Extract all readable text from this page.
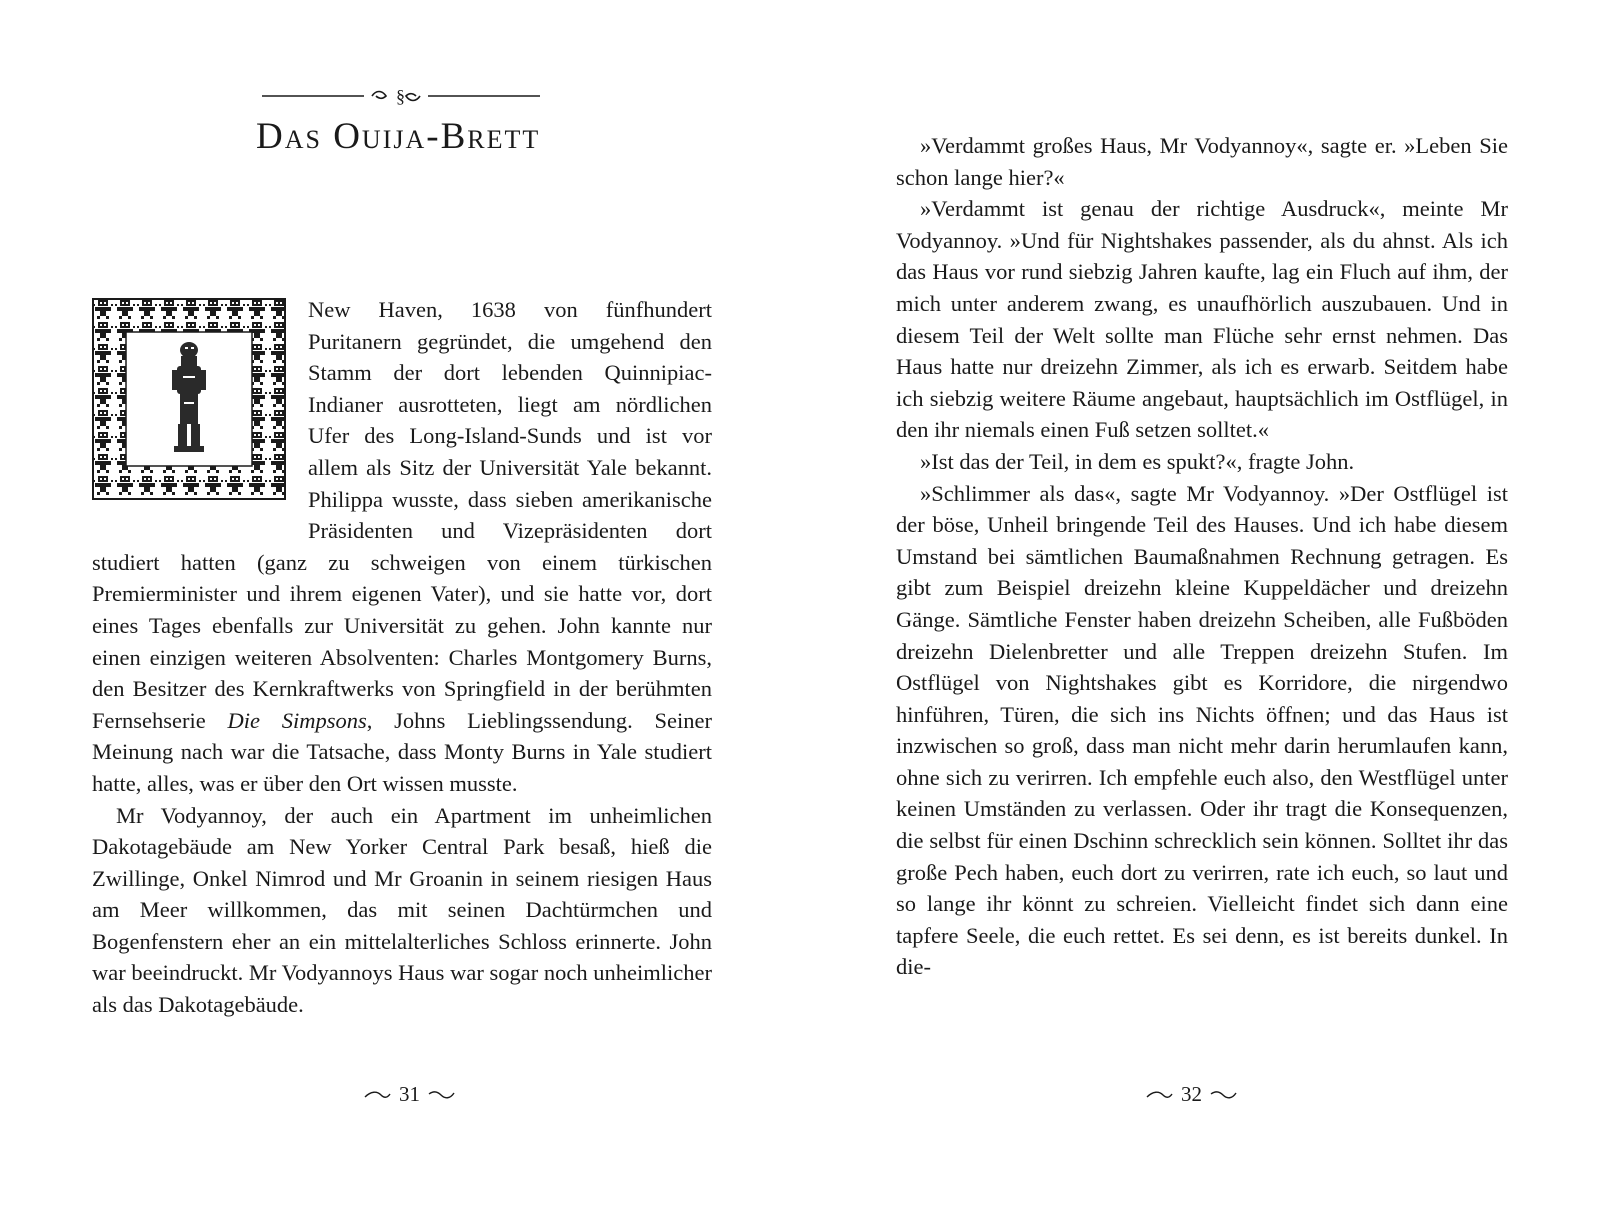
§
Das Ouija-Brett

New Haven, 1638 von fünfhundert Puritanern gegründet, die umgehend den Stamm der dort lebenden Quinnipiac-Indianer ausrotteten, liegt am nördlichen Ufer des Long-Island-Sunds und ist vor allem als Sitz der Universität Yale bekannt. Philippa wusste, dass sieben amerikanische Präsidenten und Vizepräsidenten dort studiert hatten (ganz zu schweigen von einem türkischen Premierminister und ihrem eigenen Vater), und sie hatte vor, dort eines Tages ebenfalls zur Universität zu gehen. John kannte nur einen einzigen weiteren Absolventen: Charles Montgomery Burns, den Besitzer des Kernkraftwerks von Springfield in der berühmten Fernsehserie Die Simpsons, Johns Lieblingssendung. Seiner Meinung nach war die Tatsache, dass Monty Burns in Yale studiert hatte, alles, was er über den Ort wissen musste.

Mr Vodyannoy, der auch ein Apartment im unheimlichen Dakotagebäude am New Yorker Central Park besaß, hieß die Zwillinge, Onkel Nimrod und Mr Groanin in seinem riesigen Haus am Meer willkommen, das mit seinen Dachtürmchen und Bogenfenstern eher an ein mittelalterliches Schloss erinnerte. John war beeindruckt. Mr Vodyannoys Haus war sogar noch unheimlicher als das Dakotagebäude.

31

»Verdammt großes Haus, Mr Vodyannoy«, sagte er. »Leben Sie schon lange hier?«

»Verdammt ist genau der richtige Ausdruck«, meinte Mr Vodyannoy. »Und für Nightshakes passender, als du ahnst. Als ich das Haus vor rund siebzig Jahren kaufte, lag ein Fluch auf ihm, der mich unter anderem zwang, es unaufhörlich auszubauen. Und in diesem Teil der Welt sollte man Flüche sehr ernst nehmen. Das Haus hatte nur dreizehn Zimmer, als ich es erwarb. Seitdem habe ich siebzig weitere Räume angebaut, hauptsächlich im Ostflügel, in den ihr niemals einen Fuß setzen solltet.«

»Ist das der Teil, in dem es spukt?«, fragte John.

»Schlimmer als das«, sagte Mr Vodyannoy. »Der Ostflügel ist der böse, Unheil bringende Teil des Hauses. Und ich habe diesem Umstand bei sämtlichen Baumaßnahmen Rechnung getragen. Es gibt zum Beispiel dreizehn kleine Kuppeldächer und dreizehn Gänge. Sämtliche Fenster haben dreizehn Scheiben, alle Fußböden dreizehn Dielenbretter und alle Treppen dreizehn Stufen. Im Ostflügel von Nightshakes gibt es Korridore, die nirgendwo hinführen, Türen, die sich ins Nichts öffnen; und das Haus ist inzwischen so groß, dass man nicht mehr darin herumlaufen kann, ohne sich zu verirren. Ich empfehle euch also, den Westflügel unter keinen Umständen zu verlassen. Oder ihr tragt die Konsequenzen, die selbst für einen Dschinn schrecklich sein können. Solltet ihr das große Pech haben, euch dort zu verirren, rate ich euch, so laut und so lange ihr könnt zu schreien. Vielleicht findet sich dann eine tapfere Seele, die euch rettet. Es sei denn, es ist bereits dunkel. In die-

32
